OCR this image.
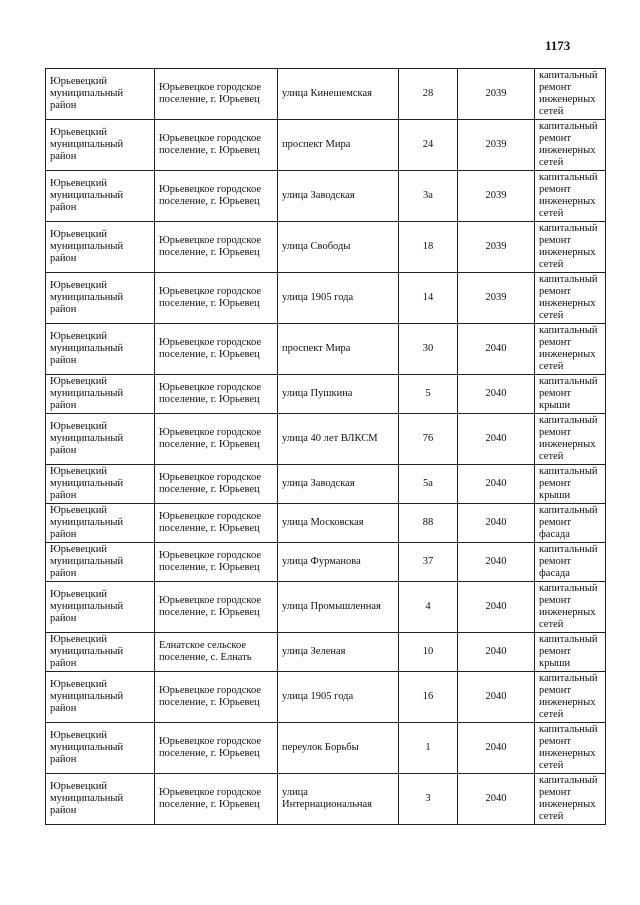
1173
Юрьевецкий муниципальный район	Юрьевецкое городское поселение, г. Юрьевец	улица Кинешемская	28	2039	капитальный ремонт инженерных сетей
Юрьевецкий муниципальный район	Юрьевецкое городское поселение, г. Юрьевец	проспект Мира	24	2039	капитальный ремонт инженерных сетей
Юрьевецкий муниципальный район	Юрьевецкое городское поселение, г. Юрьевец	улица Заводская	3а	2039	капитальный ремонт инженерных сетей
Юрьевецкий муниципальный район	Юрьевецкое городское поселение, г. Юрьевец	улица Свободы	18	2039	капитальный ремонт инженерных сетей
Юрьевецкий муниципальный район	Юрьевецкое городское поселение, г. Юрьевец	улица 1905 года	14	2039	капитальный ремонт инженерных сетей
Юрьевецкий муниципальный район	Юрьевецкое городское поселение, г. Юрьевец	проспект Мира	30	2040	капитальный ремонт инженерных сетей
Юрьевецкий муниципальный район	Юрьевецкое городское поселение, г. Юрьевец	улица Пушкина	5	2040	капитальный ремонт крыши
Юрьевецкий муниципальный район	Юрьевецкое городское поселение, г. Юрьевец	улица 40 лет ВЛКСМ	76	2040	капитальный ремонт инженерных сетей
Юрьевецкий муниципальный район	Юрьевецкое городское поселение, г. Юрьевец	улица Заводская	5а	2040	капитальный ремонт крыши
Юрьевецкий муниципальный район	Юрьевецкое городское поселение, г. Юрьевец	улица Московская	88	2040	капитальный ремонт фасада
Юрьевецкий муниципальный район	Юрьевецкое городское поселение, г. Юрьевец	улица Фурманова	37	2040	капитальный ремонт фасада
Юрьевецкий муниципальный район	Юрьевецкое городское поселение, г. Юрьевец	улица Промышленная	4	2040	капитальный ремонт инженерных сетей
Юрьевецкий муниципальный район	Елнатское сельское поселение, с. Елнать	улица Зеленая	10	2040	капитальный ремонт крыши
Юрьевецкий муниципальный район	Юрьевецкое городское поселение, г. Юрьевец	улица 1905 года	16	2040	капитальный ремонт инженерных сетей
Юрьевецкий муниципальный район	Юрьевецкое городское поселение, г. Юрьевец	переулок Борьбы	1	2040	капитальный ремонт инженерных сетей
Юрьевецкий муниципальный район	Юрьевецкое городское поселение, г. Юрьевец	улица Интернациональная	3	2040	капитальный ремонт инженерных сетей
